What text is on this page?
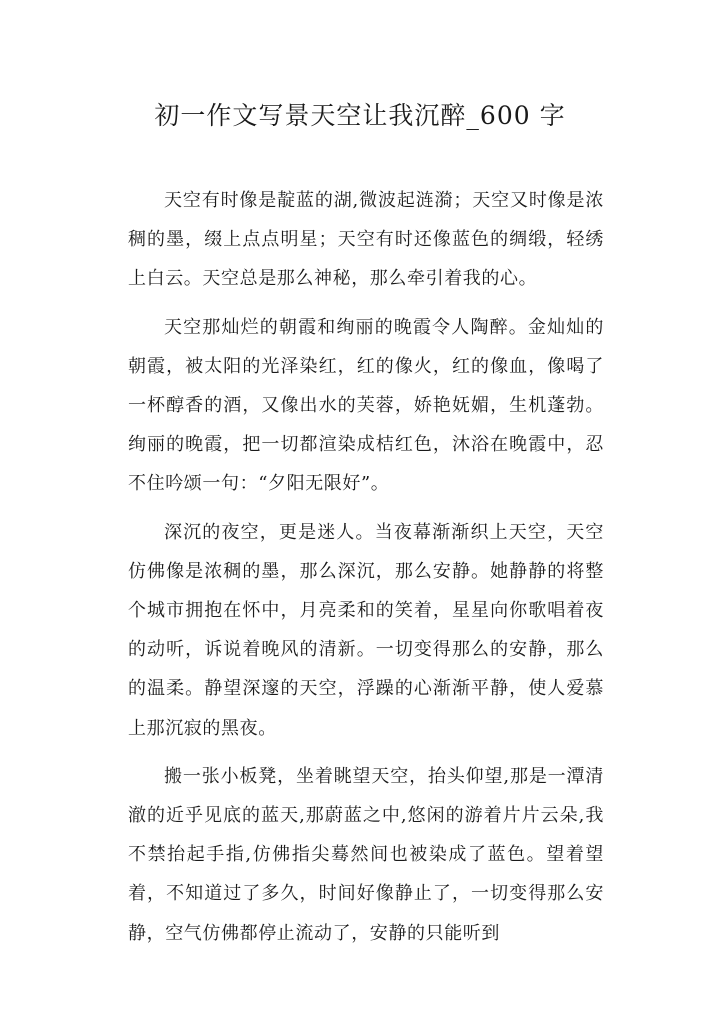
初一作文写景天空让我沉醉_600 字

天空有时像是靛蓝的湖,微波起涟漪；天空又时像是浓稠的墨，缀上点点明星；天空有时还像蓝色的绸缎，轻绣上白云。天空总是那么神秘，那么牵引着我的心。

天空那灿烂的朝霞和绚丽的晚霞令人陶醉。金灿灿的朝霞，被太阳的光泽染红，红的像火，红的像血，像喝了一杯醇香的酒，又像出水的芙蓉，娇艳妩媚，生机蓬勃。绚丽的晚霞，把一切都渲染成桔红色，沐浴在晚霞中，忍不住吟颂一句：“夕阳无限好”。

深沉的夜空，更是迷人。当夜幕渐渐织上天空，天空仿佛像是浓稠的墨，那么深沉，那么安静。她静静的将整个城市拥抱在怀中，月亮柔和的笑着，星星向你歌唱着夜的动听，诉说着晚风的清新。一切变得那么的安静，那么的温柔。静望深邃的天空，浮躁的心渐渐平静，使人爱慕上那沉寂的黑夜。

搬一张小板凳，坐着眺望天空，抬头仰望,那是一潭清澈的近乎见底的蓝天,那蔚蓝之中,悠闲的游着片片云朵,我不禁抬起手指,仿佛指尖蓦然间也被染成了蓝色。望着望着，不知道过了多久，时间好像静止了，一切变得那么安静，空气仿佛都停止流动了，安静的只能听到
